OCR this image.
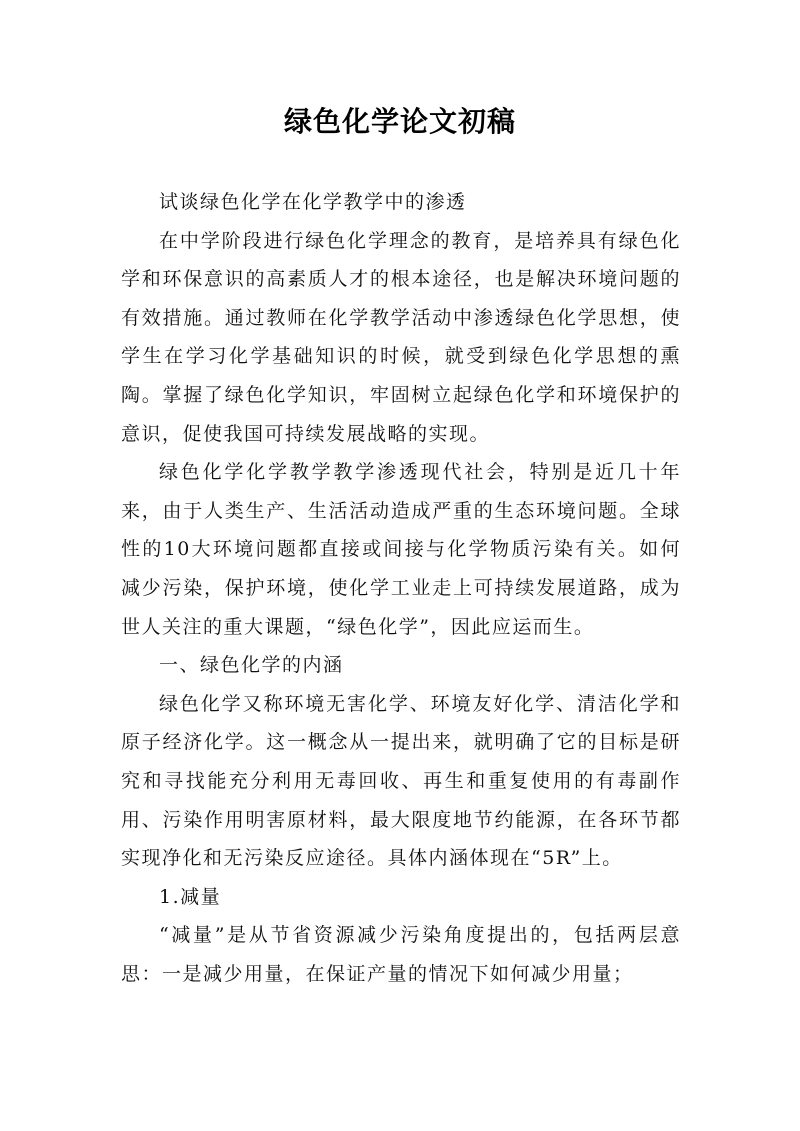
绿色化学论文初稿

试谈绿色化学在化学教学中的渗透

在中学阶段进行绿色化学理念的教育，是培养具有绿色化学和环保意识的高素质人才的根本途径，也是解决环境问题的有效措施。通过教师在化学教学活动中渗透绿色化学思想，使学生在学习化学基础知识的时候，就受到绿色化学思想的熏陶。掌握了绿色化学知识，牢固树立起绿色化学和环境保护的意识，促使我国可持续发展战略的实现。

绿色化学化学教学教学渗透现代社会，特别是近几十年来，由于人类生产、生活活动造成严重的生态环境问题。全球性的10大环境问题都直接或间接与化学物质污染有关。如何减少污染，保护环境，使化学工业走上可持续发展道路，成为世人关注的重大课题，“绿色化学”，因此应运而生。

一、绿色化学的内涵

绿色化学又称环境无害化学、环境友好化学、清洁化学和原子经济化学。这一概念从一提出来，就明确了它的目标是研究和寻找能充分利用无毒回收、再生和重复使用的有毒副作用、污染作用明害原材料，最大限度地节约能源，在各环节都实现净化和无污染反应途径。具体内涵体现在“5R”上。

1.减量

“减量”是从节省资源减少污染角度提出的，包括两层意思：一是减少用量，在保证产量的情况下如何减少用量；
